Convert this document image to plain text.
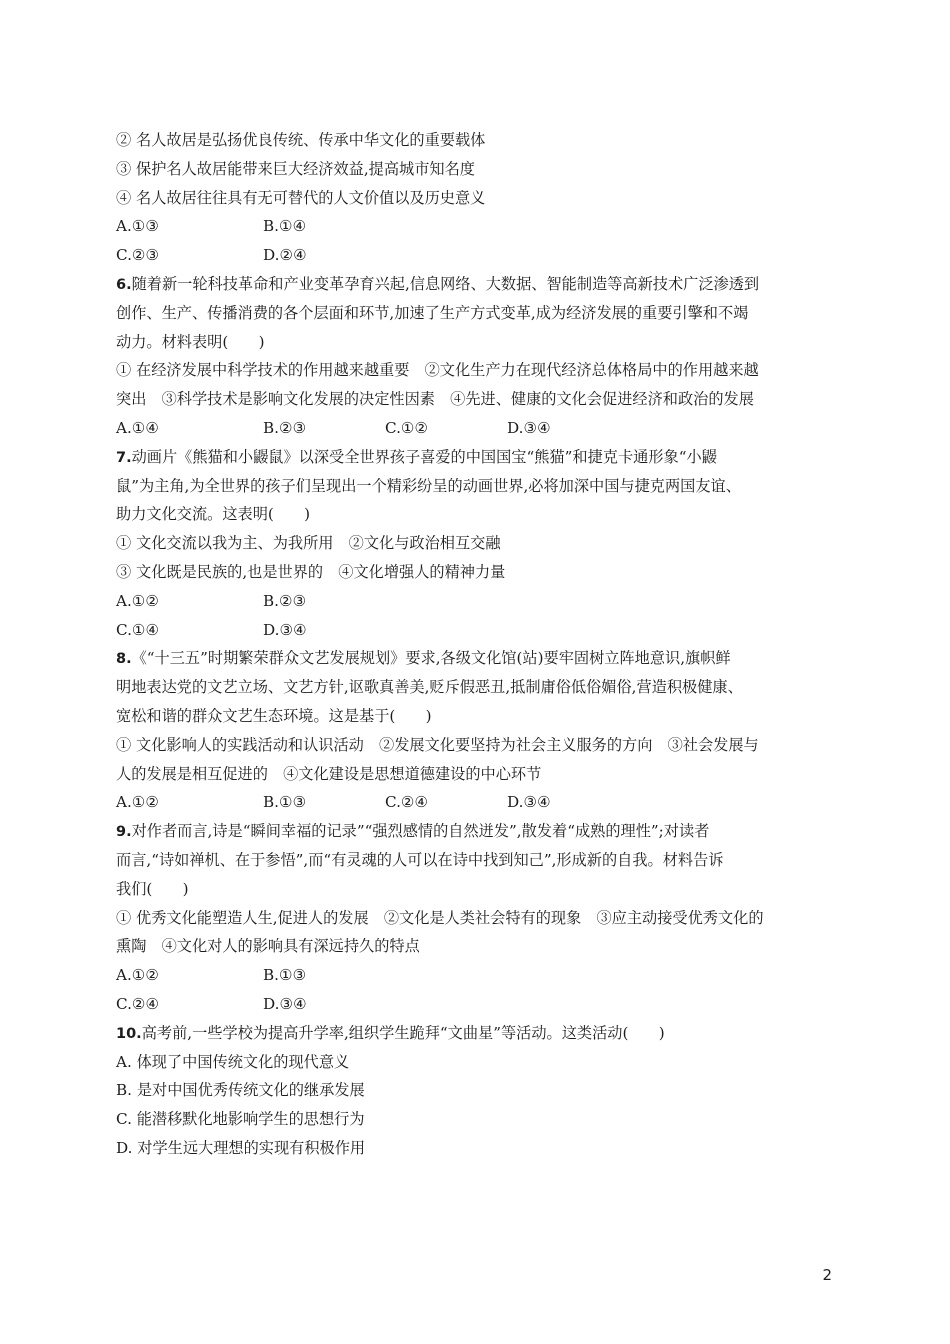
② 名人故居是弘扬优良传统、传承中华文化的重要载体
③ 保护名人故居能带来巨大经济效益,提高城市知名度
④ 名人故居往往具有无可替代的人文价值以及历史意义
A.①③	B.①④
C.②③	D.②④
6.随着新一轮科技革命和产业变革孕育兴起,信息网络、大数据、智能制造等高新技术广泛渗透到
创作、生产、传播消费的各个层面和环节,加速了生产方式变革,成为经济发展的重要引擎和不竭
动力。材料表明(　　)
① 在经济发展中科学技术的作用越来越重要　②文化生产力在现代经济总体格局中的作用越来越
突出　③科学技术是影响文化发展的决定性因素　④先进、健康的文化会促进经济和政治的发展
A.①④	B.②③	C.①②	D.③④
7.动画片《熊猫和小鼹鼠》以深受全世界孩子喜爱的中国国宝“熊猫”和捷克卡通形象“小鼹
鼠”为主角,为全世界的孩子们呈现出一个精彩纷呈的动画世界,必将加深中国与捷克两国友谊、
助力文化交流。这表明(　　)
① 文化交流以我为主、为我所用　②文化与政治相互交融
③ 文化既是民族的,也是世界的　④文化增强人的精神力量
A.①②	B.②③
C.①④	D.③④
8.《“十三五”时期繁荣群众文艺发展规划》要求,各级文化馆(站)要牢固树立阵地意识,旗帜鲜
明地表达党的文艺立场、文艺方针,讴歌真善美,贬斥假恶丑,抵制庸俗低俗媚俗,营造积极健康、
宽松和谐的群众文艺生态环境。这是基于(　　)
① 文化影响人的实践活动和认识活动　②发展文化要坚持为社会主义服务的方向　③社会发展与
人的发展是相互促进的　④文化建设是思想道德建设的中心环节
A.①②	B.①③	C.②④	D.③④
9.对作者而言,诗是“瞬间幸福的记录”“强烈感情的自然迸发”,散发着“成熟的理性”;对读者
而言,“诗如禅机、在于参悟”,而“有灵魂的人可以在诗中找到知己”,形成新的自我。材料告诉
我们(　　)
① 优秀文化能塑造人生,促进人的发展　②文化是人类社会特有的现象　③应主动接受优秀文化的
熏陶　④文化对人的影响具有深远持久的特点
A.①②	B.①③
C.②④	D.③④
10.高考前,一些学校为提高升学率,组织学生跪拜“文曲星”等活动。这类活动(　　)
A. 体现了中国传统文化的现代意义
B. 是对中国优秀传统文化的继承发展
C. 能潜移默化地影响学生的思想行为
D. 对学生远大理想的实现有积极作用
2
